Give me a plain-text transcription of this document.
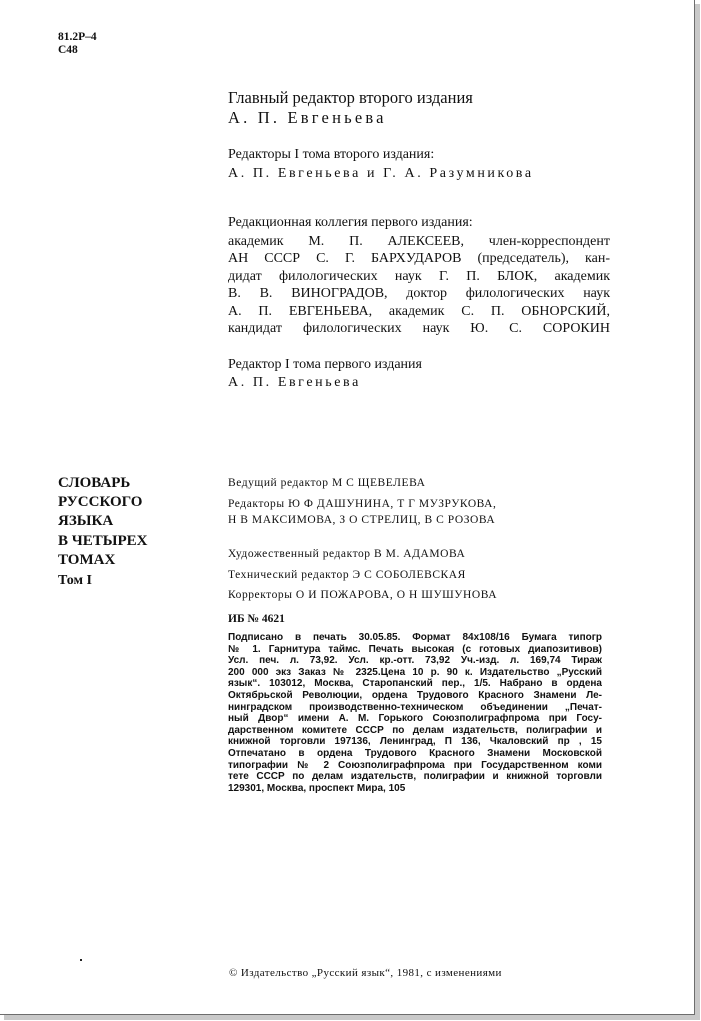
81.2Р–4
С48
Главный редактор второго издания
А. П. Евгеньева
Редакторы I тома второго издания:
А. П. Евгеньева и Г. А. Разумникова
Редакционная коллегия первого издания:
академик М. П. АЛЕКСЕЕВ, член-корреспондент
АН СССР С. Г. БАРХУДАРОВ (председатель), кан-
дидат филологических наук Г. П. БЛОК, академик
В. В. ВИНОГРАДОВ, доктор филологических наук
А. П. ЕВГЕНЬЕВА, академик С. П. ОБНОРСКИЙ,
кандидат филологических наук Ю. С. СОРОКИН
Редактор I тома первого издания
А. П. Евгеньева
СЛОВАРЬ
РУССКОГО
ЯЗЫКА
В ЧЕТЫРЕХ
ТОМАХ
Том I
Ведущий редактор М С ЩЕВЕЛЕВА
Редакторы Ю Ф ДАШУНИНА, Т Г МУЗРУКОВА,
Н В МАКСИМОВА, З О СТРЕЛИЦ, В С РОЗОВА
Художественный редактор В М. АДАМОВА
Технический редактор Э С СОБОЛЕВСКАЯ
Корректоры О И ПОЖАРОВА, О Н ШУШУНОВА
ИБ № 4621
Подписано в печать 30.05.85. Формат 84х108/16 Бумага типогр
№ 1. Гарнитура таймс. Печать высокая (с готовых диапозитивов)
Усл. печ. л. 73,92. Усл. кр.-отт. 73,92 Уч.-изд. л. 169,74 Тираж
200 000 экз Заказ № 2325.Цена 10 р. 90 к. Издательство „Русский
язык“. 103012, Москва, Старопанский пер., 1/5. Набрано в ордена
Октябрьской Революции, ордена Трудового Красного Знамени Ле-
нинградском производственно-техническом объединении „Печат-
ный Двор“ имени А. М. Горького Союзполиграфпрома при Госу-
дарственном комитете СССР по делам издательств, полиграфии и
книжной торговли 197136, Ленинград, П 136, Чкаловский пр , 15
Отпечатано в ордена Трудового Красного Знамени Московской
типографии № 2 Союзполиграфпрома при Государственном коми
тете СССР по делам издательств, полиграфии и книжной торговли
129301, Москва, проспект Мира, 105
© Издательство „Русский язык“, 1981, с изменениями
